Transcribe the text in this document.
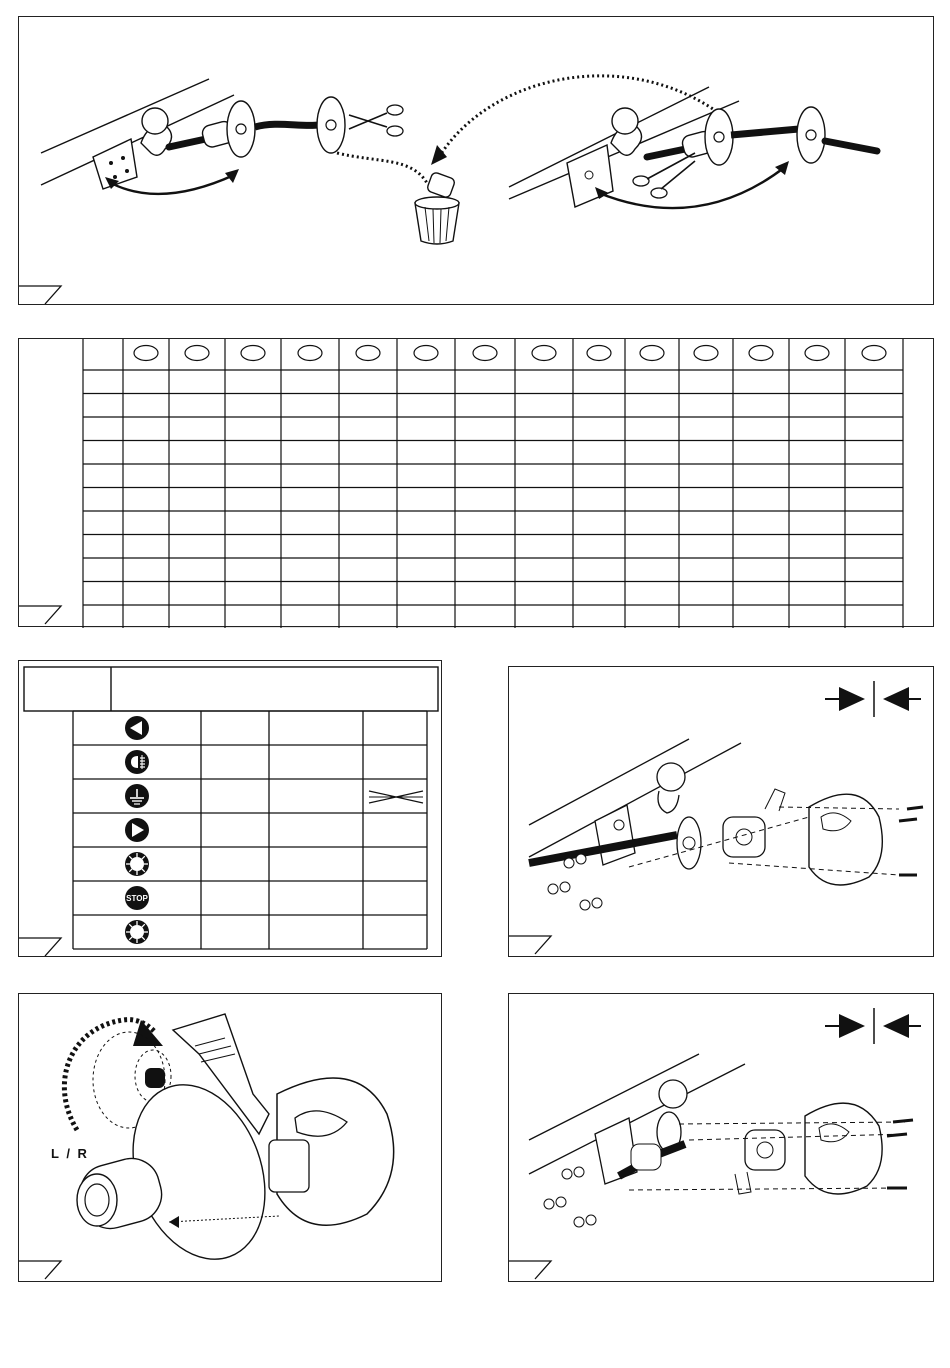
STOP
L / R
